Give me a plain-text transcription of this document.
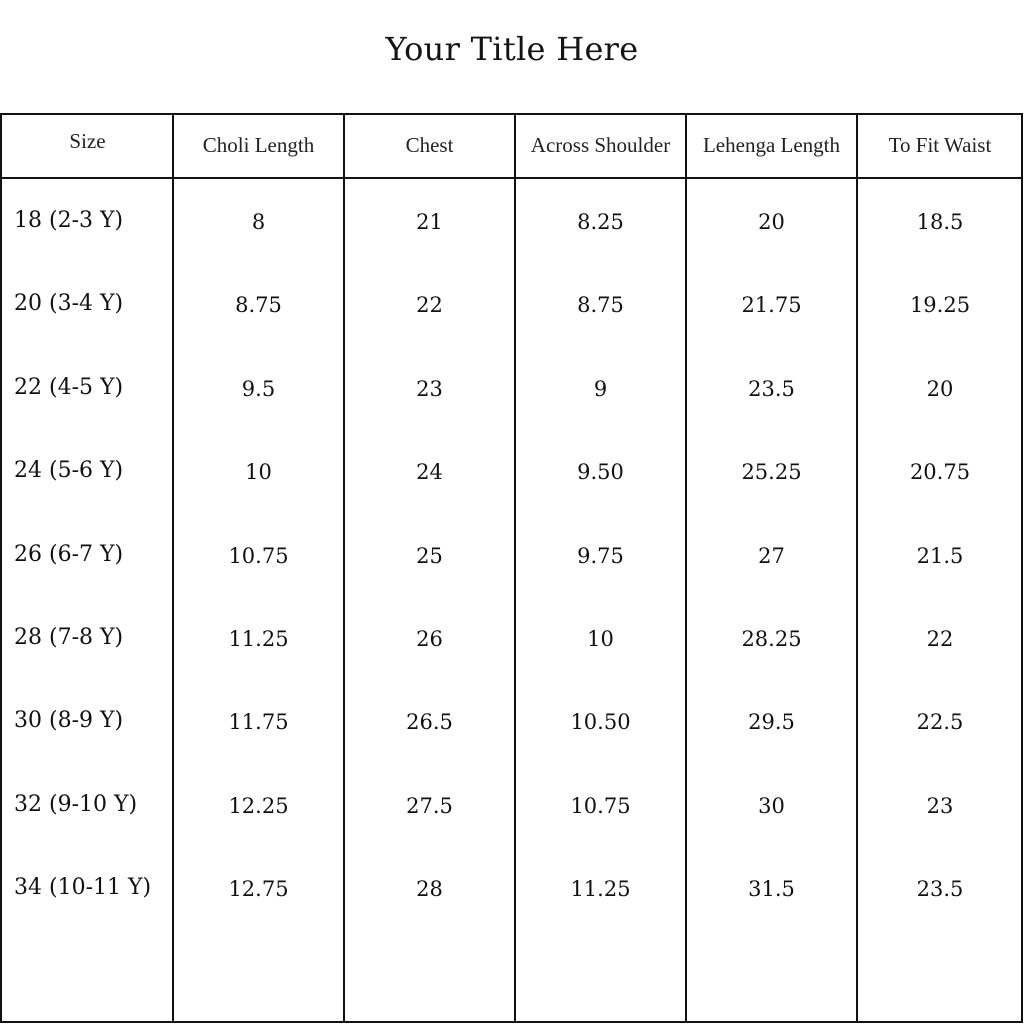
Your Title Here
Size	Choli Length	Chest	Across Shoulder	Lehenga Length	To Fit Waist
18 (2-3 Y)	8	21	8.25	20	18.5
20 (3-4 Y)	8.75	22	8.75	21.75	19.25
22 (4-5 Y)	9.5	23	9	23.5	20
24 (5-6 Y)	10	24	9.50	25.25	20.75
26 (6-7 Y)	10.75	25	9.75	27	21.5
28 (7-8 Y)	11.25	26	10	28.25	22
30 (8-9 Y)	11.75	26.5	10.50	29.5	22.5
32 (9-10 Y)	12.25	27.5	10.75	30	23
34 (10-11 Y)	12.75	28	11.25	31.5	23.5
